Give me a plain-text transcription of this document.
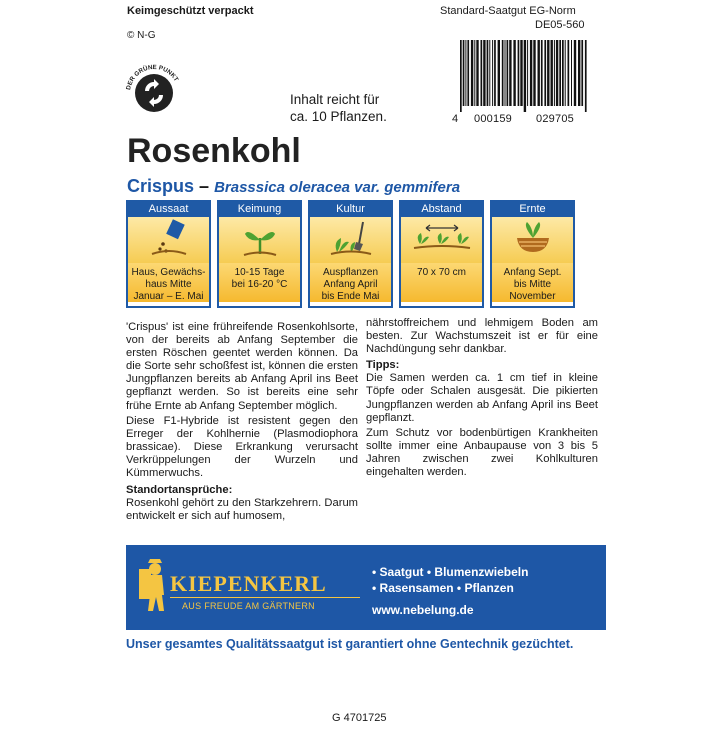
Keimgeschützt verpackt
© N-G
Standard-Saatgut EG-Norm
DE05-560
DER GRÜNE PUNKT
Inhalt reicht für
ca. 10 Pflanzen.	4	000159	029705
Rosenkohl
Crispus – Brasssica oleracea var. gemmifera
Aussaat
Haus, Gewächs-
haus Mitte
Januar – E. Mai
Keimung
10-15 Tage
bei 16-20 °C
Kultur
Auspflanzen
Anfang April
bis Ende Mai
Abstand
70 x 70 cm
Ernte
Anfang Sept.
bis Mitte
November

'Crispus' ist eine frühreifende Rosenkohlsorte, von der bereits ab Anfang September die ersten Röschen geentet werden können. Da die Sorte sehr schoßfest ist, können die ersten Jungpflanzen bereits ab Anfang April ins Beet gepflanzt werden. So ist bereits eine sehr frühe Ernte ab Anfang September möglich.

Diese F1-Hybride ist resistent gegen den Erreger der Kohlhernie (Plasmodiophora brassicae). Diese Erkrankung verursacht Verkrüppelungen der Wurzeln und Kümmerwuchs.

Standortansprüche:

Rosenkohl gehört zu den Starkzehrern. Darum entwickelt er sich auf humosem,

nährstoffreichem und lehmigem Boden am besten. Zur Wachstumszeit ist er für eine Nachdüngung sehr dankbar.

Tipps:

Die Samen werden ca. 1 cm tief in kleine Töpfe oder Schalen ausgesät. Die pikierten Jungpflanzen werden ab Anfang April ins Beet gepflanzt.

Zum Schutz vor bodenbürtigen Krankheiten sollte immer eine Anbaupause von 3 bis 5 Jahren zwischen zwei Kohlkulturen eingehalten werden.

KIEPENKERL
AUS FREUDE AM GÄRTNERN
• Saatgut • Blumenzwiebeln
• Rasensamen • Pflanzen
www.nebelung.de
Unser gesamtes Qualitätssaatgut ist garantiert ohne Gentechnik gezüchtet.
G 4701725
